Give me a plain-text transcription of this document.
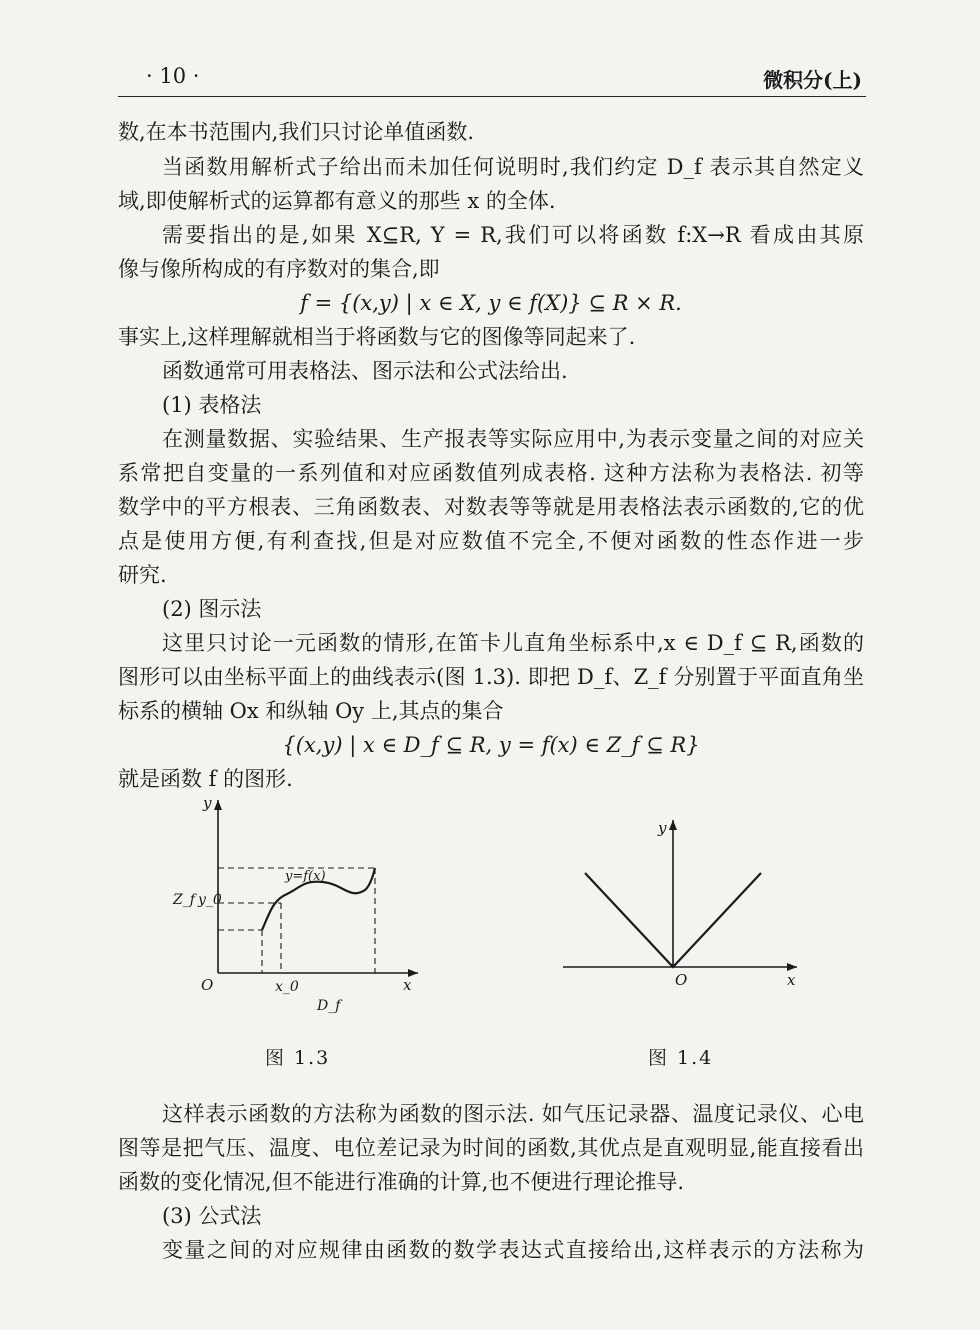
· 10 ·	微积分(上)

数,在本书范围内,我们只讨论单值函数.

当函数用解析式子给出而未加任何说明时,我们约定 D_f 表示其自然定义

域,即使解析式的运算都有意义的那些 x 的全体.

需要指出的是,如果 X⊆R, Y = R,我们可以将函数 f:X→R 看成由其原

像与像所构成的有序数对的集合,即

f = {(x,y) | x ∈ X, y ∈ f(X)} ⊆ R × R.

事实上,这样理解就相当于将函数与它的图像等同起来了.

函数通常可用表格法、图示法和公式法给出.

(1) 表格法

在测量数据、实验结果、生产报表等实际应用中,为表示变量之间的对应关

系常把自变量的一系列值和对应函数值列成表格. 这种方法称为表格法. 初等

数学中的平方根表、三角函数表、对数表等等就是用表格法表示函数的,它的优

点是使用方便,有利查找,但是对应数值不完全,不便对函数的性态作进一步

研究.

(2) 图示法

这里只讨论一元函数的情形,在笛卡儿直角坐标系中,x ∈ D_f ⊆ R,函数的

图形可以由坐标平面上的曲线表示(图 1.3). 即把 D_f、Z_f 分别置于平面直角坐

标系的横轴 Ox 和纵轴 Oy 上,其点的集合

{(x,y) | x ∈ D_f ⊆ R, y = f(x) ∈ Z_f ⊆ R}

就是函数 f 的图形.

y
x
O
Z_f y_0
x_0
D_f
y=f(x)
图 1.3
y
x
O
图 1.4

这样表示函数的方法称为函数的图示法. 如气压记录器、温度记录仪、心电

图等是把气压、温度、电位差记录为时间的函数,其优点是直观明显,能直接看出

函数的变化情况,但不能进行准确的计算,也不便进行理论推导.

(3) 公式法

变量之间的对应规律由函数的数学表达式直接给出,这样表示的方法称为
